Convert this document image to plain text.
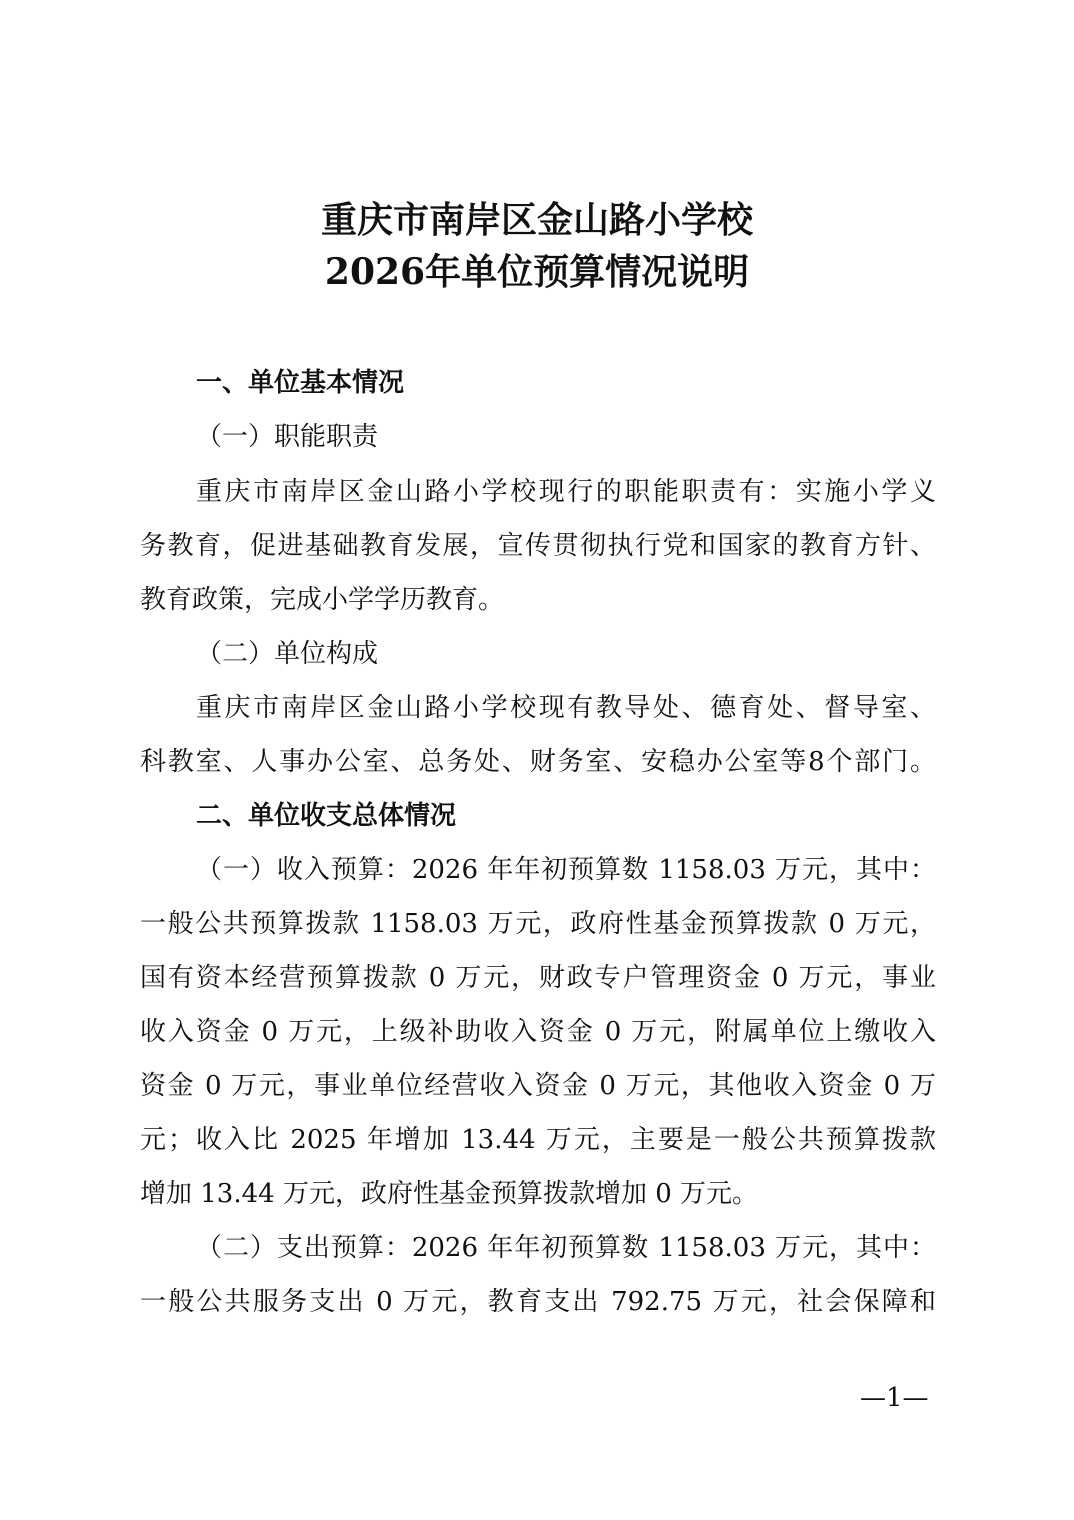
重庆市南岸区金山路小学校
2026年单位预算情况说明
一、单位基本情况
（一）职能职责
重庆市南岸区金山路小学校现行的职能职责有：实施小学义
务教育，促进基础教育发展，宣传贯彻执行党和国家的教育方针、
教育政策，完成小学学历教育。
（二）单位构成
重庆市南岸区金山路小学校现有教导处、德育处、督导室、
科教室、人事办公室、总务处、财务室、安稳办公室等8个部门。
二、单位收支总体情况
（一）收入预算：2026 年年初预算数 1158.03 万元，其中：
一般公共预算拨款 1158.03 万元，政府性基金预算拨款 0 万元，
国有资本经营预算拨款 0 万元，财政专户管理资金 0 万元，事业
收入资金 0 万元，上级补助收入资金 0 万元，附属单位上缴收入
资金 0 万元，事业单位经营收入资金 0 万元，其他收入资金 0 万
元；收入比 2025 年增加 13.44 万元，主要是一般公共预算拨款
增加 13.44 万元，政府性基金预算拨款增加 0 万元。
（二）支出预算：2026 年年初预算数 1158.03 万元，其中：
一般公共服务支出 0 万元，教育支出 792.75 万元，社会保障和
—1—
